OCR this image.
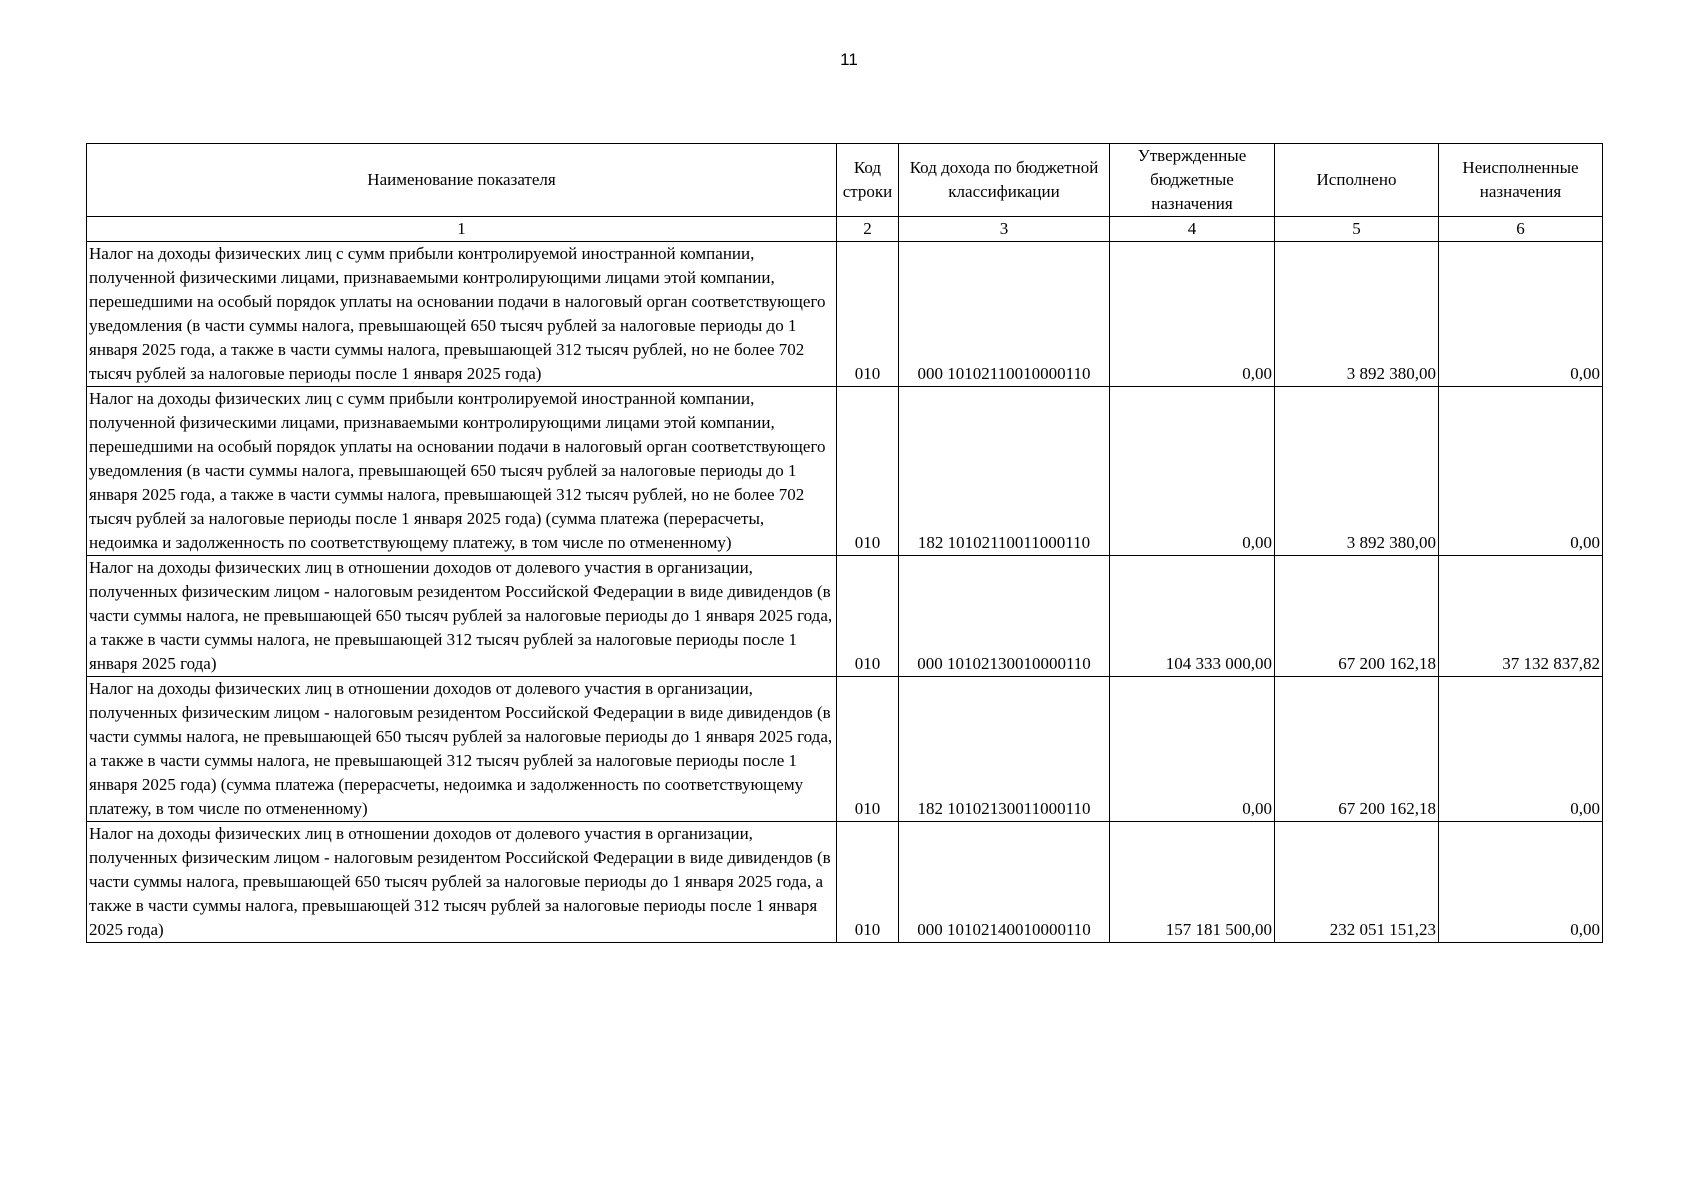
11
Наименование показателя	Код строки	Код дохода по бюджетной классификации	Утвержденные бюджетные назначения	Исполнено	Неисполненные назначения
1	2	3	4	5	6
Налог на доходы физических лиц с сумм прибыли контролируемой иностранной компании, полученной физическими лицами, признаваемыми контролирующими лицами этой компании, перешедшими на особый порядок уплаты на основании подачи в налоговый орган соответствующего уведомления (в части суммы налога, превышающей 650 тысяч рублей за налоговые периоды до 1 января 2025 года, а также в части суммы налога, превышающей 312 тысяч рублей, но не более 702 тысяч рублей за налоговые периоды после 1 января 2025 года)	010	000 10102110010000110	0,00	3 892 380,00	0,00
Налог на доходы физических лиц с сумм прибыли контролируемой иностранной компании, полученной физическими лицами, признаваемыми контролирующими лицами этой компании, перешедшими на особый порядок уплаты на основании подачи в налоговый орган соответствующего уведомления (в части суммы налога, превышающей 650 тысяч рублей за налоговые периоды до 1 января 2025 года, а также в части суммы налога, превышающей 312 тысяч рублей, но не более 702 тысяч рублей за налоговые периоды после 1 января 2025 года) (сумма платежа (перерасчеты, недоимка и задолженность по соответствующему платежу, в том числе по отмененному)	010	182 10102110011000110	0,00	3 892 380,00	0,00
Налог на доходы физических лиц в отношении доходов от долевого участия в организации, полученных физическим лицом - налоговым резидентом Российской Федерации в виде дивидендов (в части суммы налога, не превышающей 650 тысяч рублей за налоговые периоды до 1 января 2025 года, а также в части суммы налога, не превышающей 312 тысяч рублей за налоговые периоды после 1 января 2025 года)	010	000 10102130010000110	104 333 000,00	67 200 162,18	37 132 837,82
Налог на доходы физических лиц в отношении доходов от долевого участия в организации, полученных физическим лицом - налоговым резидентом Российской Федерации в виде дивидендов (в части суммы налога, не превышающей 650 тысяч рублей за налоговые периоды до 1 января 2025 года, а также в части суммы налога, не превышающей 312 тысяч рублей за налоговые периоды после 1 января 2025 года) (сумма платежа (перерасчеты, недоимка и задолженность по соответствующему платежу, в том числе по отмененному)	010	182 10102130011000110	0,00	67 200 162,18	0,00
Налог на доходы физических лиц в отношении доходов от долевого участия в организации, полученных физическим лицом - налоговым резидентом Российской Федерации в виде дивидендов (в части суммы налога, превышающей 650 тысяч рублей за налоговые периоды до 1 января 2025 года, а также в части суммы налога, превышающей 312 тысяч рублей за налоговые периоды после 1 января 2025 года)	010	000 10102140010000110	157 181 500,00	232 051 151,23	0,00
